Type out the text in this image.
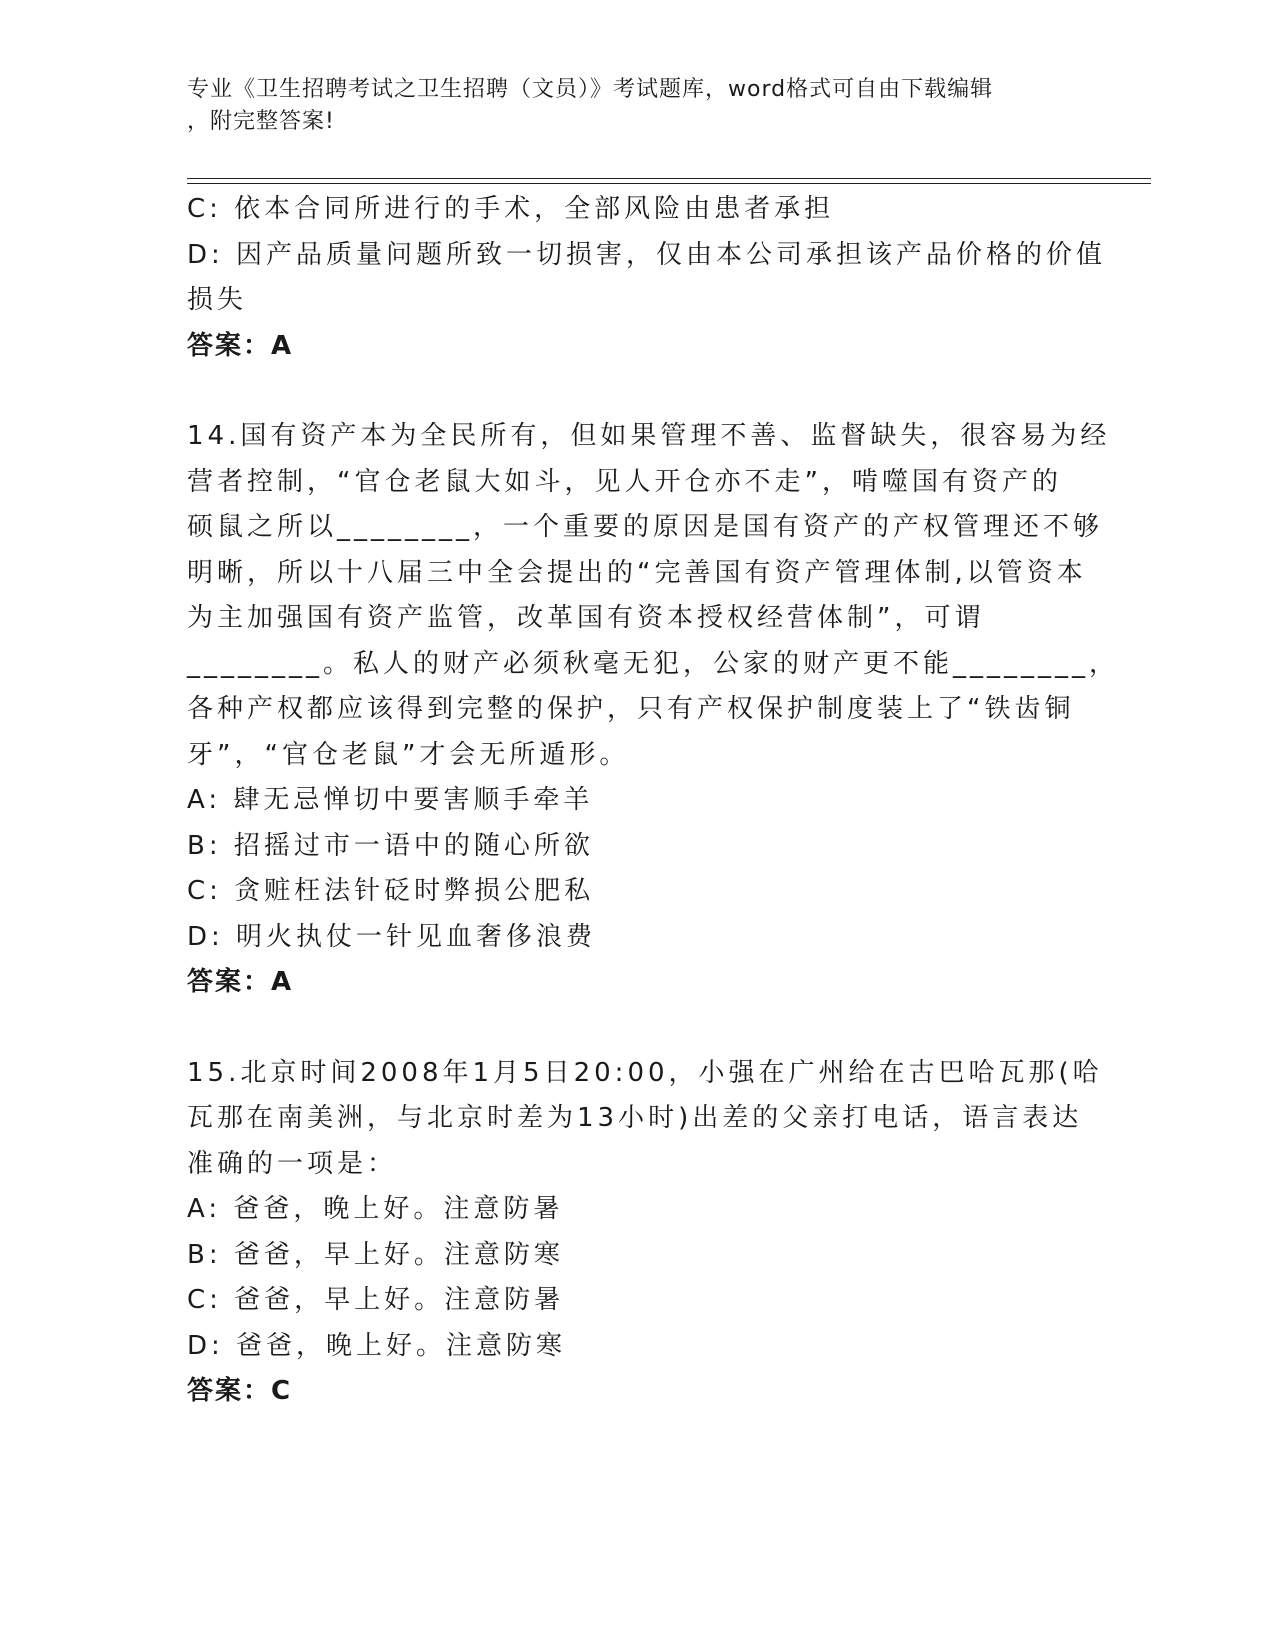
专业《卫生招聘考试之卫生招聘（文员）》考试题库，word格式可自由下载编辑
，附完整答案!

C: 依本合同所进行的手术，全部风险由患者承担

D: 因产品质量问题所致一切损害，仅由本公司承担该产品价格的价值

损失

答案：A

14.国有资产本为全民所有，但如果管理不善、监督缺失，很容易为经

营者控制，“官仓老鼠大如斗，见人开仓亦不走”，啃噬国有资产的

硕鼠之所以________，一个重要的原因是国有资产的产权管理还不够

明晰，所以十八届三中全会提出的“完善国有资产管理体制,以管资本

为主加强国有资产监管，改革国有资本授权经营体制”，可谓

________。私人的财产必须秋毫无犯，公家的财产更不能________，

各种产权都应该得到完整的保护，只有产权保护制度装上了“铁齿铜

牙”，“官仓老鼠”才会无所遁形。

A: 肆无忌惮切中要害顺手牵羊

B: 招摇过市一语中的随心所欲

C: 贪赃枉法针砭时弊损公肥私

D: 明火执仗一针见血奢侈浪费

答案：A

15.北京时间2008年1月5日20:00，小强在广州给在古巴哈瓦那(哈

瓦那在南美洲，与北京时差为13小时)出差的父亲打电话，语言表达

准确的一项是：

A: 爸爸，晚上好。注意防暑

B: 爸爸，早上好。注意防寒

C: 爸爸，早上好。注意防暑

D: 爸爸，晚上好。注意防寒

答案：C
